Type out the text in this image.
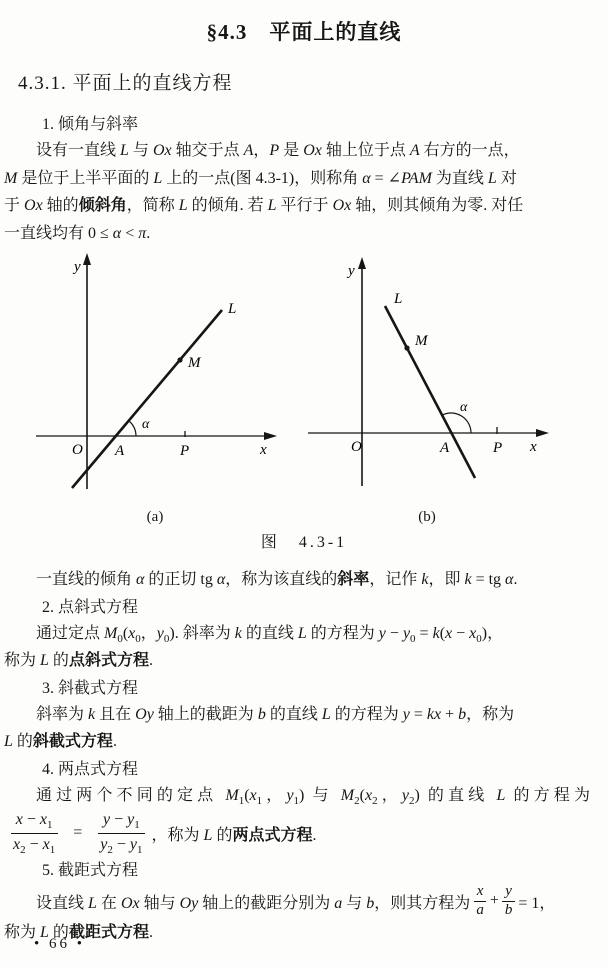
§4.3　平面上的直线
4.3.1. 平面上的直线方程
1. 倾角与斜率
设有一直线 L 与 Ox 轴交于点 A，P 是 Ox 轴上位于点 A 右方的一点，
M 是位于上半平面的 L 上的一点(图 4.3-1)，则称角 α = ∠PAM 为直线 L 对
于 Ox 轴的倾斜角，简称 L 的倾角. 若 L 平行于 Ox 轴，则其倾角为零. 对任
一直线均有 0 ≤ α < π.
y
x
O A	P
L
M
α
(a)
y
x
O	A	P
L
M
α
(b)
图　4.3-1
一直线的倾角 α 的正切 tg α，称为该直线的斜率，记作 k，即 k = tg α.
2. 点斜式方程
通过定点 $M_0(x_0$，$y_0$). 斜率为 k 的直线 L 的方程为 $y - y_0 = k(x - x_0)$，
称为 L 的点斜式方程.
3. 斜截式方程
斜率为 k 且在 Oy 轴上的截距为 b 的直线 L 的方程为 y = kx + b，称为
L 的斜截式方程.
4. 两点式方程
通过两个不同的定点 $M_1(x_1$，$y_1$) 与 $M_2(x_2$，$y_2$) 的直线 L 的方程为
$\frac{x - x_1}{x_2 - x_1} = \frac{y - y_1}{y_2 - y_1}$ ，称为 L 的两点式方程.
5. 截距式方程
设直线 L 在 Ox 轴与 Oy 轴上的截距分别为 a 与 b，则其方程为 $\frac{x}{a} + \frac{y}{b} = 1$，
称为 L 的截距式方程.
• 66 •
